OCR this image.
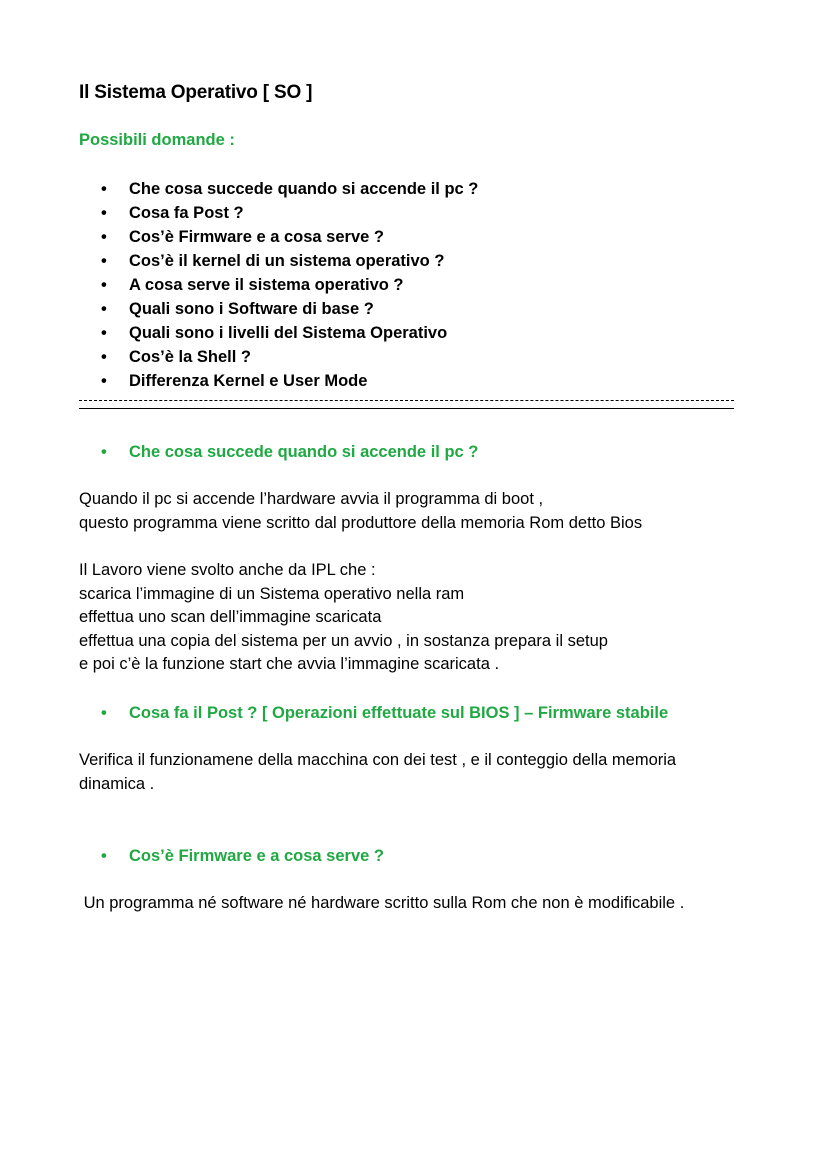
Il Sistema Operativo [ SO ]

Possibili domande :

• Che cosa succede quando si accende il pc ?
• Cosa fa Post ?
• Cos’è Firmware e a cosa serve ?
• Cos’è il kernel di un sistema operativo ?
• A cosa serve il sistema operativo ?
• Quali sono i Software di base ?
• Quali sono i livelli del Sistema Operativo
• Cos’è la Shell ?
• Differenza Kernel e User Mode
• Che cosa succede quando si accende il pc ?
Quando il pc si accende l’hardware avvia il programma di boot ,
questo programma viene scritto dal produttore della memoria Rom detto Bios
Il Lavoro viene svolto anche da IPL che :
scarica l’immagine di un Sistema operativo nella ram
effettua uno scan dell’immagine scaricata
effettua una copia del sistema per un avvio , in sostanza prepara il setup
e poi c’è la funzione start che avvia l’immagine scaricata .
• Cosa fa il Post ? [ Operazioni effettuate sul BIOS ] – Firmware stabile
Verifica il funzionamene della macchina con dei test , e il conteggio della memoria
dinamica .
• Cos’è Firmware e a cosa serve ?
Un programma né software né hardware scritto sulla Rom che non è modificabile .
